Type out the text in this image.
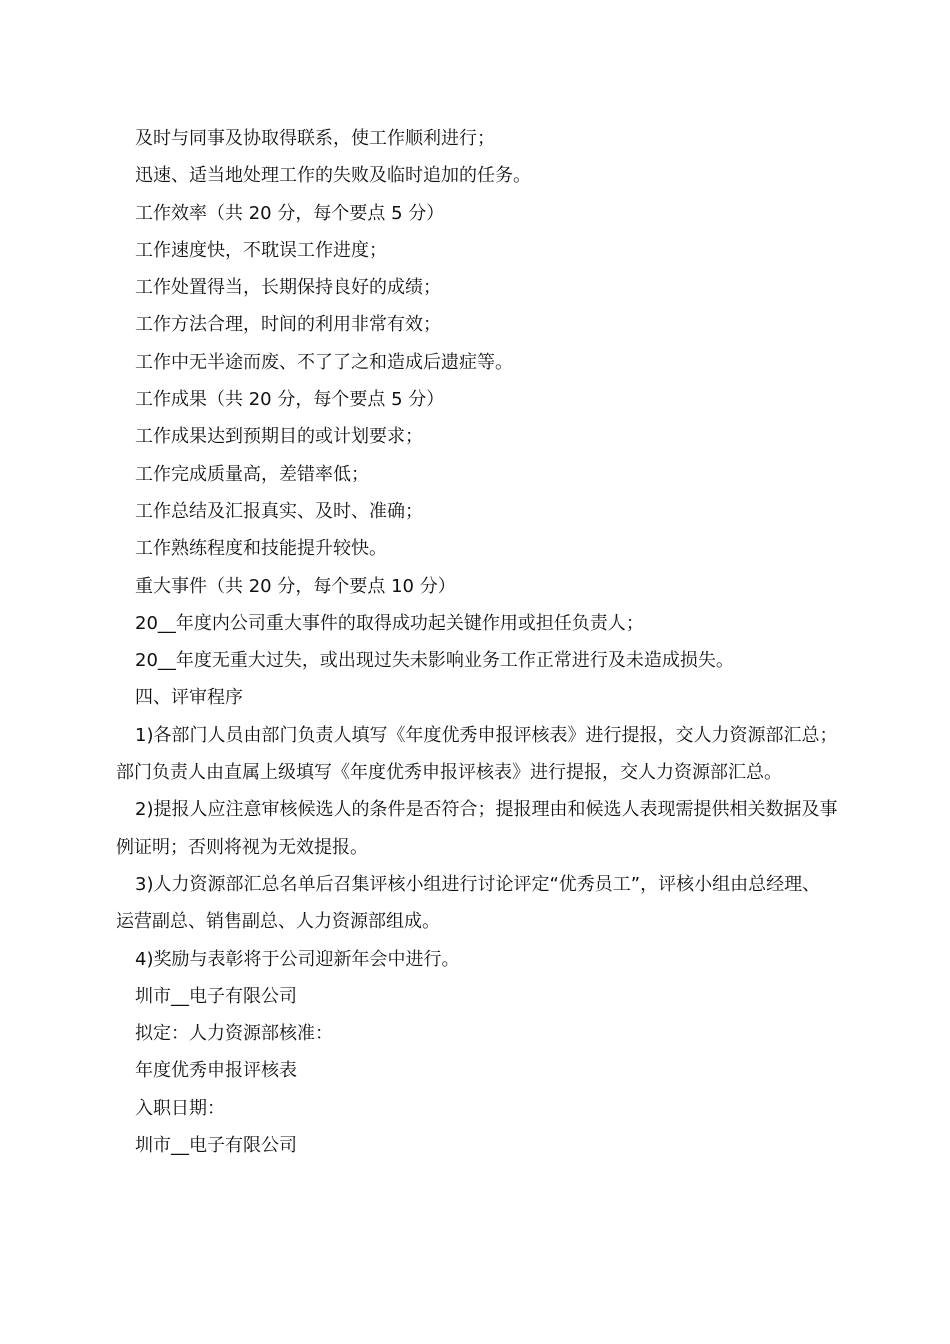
及时与同事及协取得联系，使工作顺利进行；

迅速、适当地处理工作的失败及临时追加的任务。

工作效率（共 20 分，每个要点 5 分）

工作速度快，不耽误工作进度；

工作处置得当，长期保持良好的成绩；

工作方法合理，时间的利用非常有效；

工作中无半途而废、不了了之和造成后遗症等。

工作成果（共 20 分，每个要点 5 分）

工作成果达到预期目的或计划要求；

工作完成质量高，差错率低；

工作总结及汇报真实、及时、准确；

工作熟练程度和技能提升较快。

重大事件（共 20 分，每个要点 10 分）

20__年度内公司重大事件的取得成功起关键作用或担任负责人；

20__年度无重大过失，或出现过失未影响业务工作正常进行及未造成损失。

四、评审程序

1)各部门人员由部门负责人填写《年度优秀申报评核表》进行提报，交人力资源部汇总；部门负责人由直属上级填写《年度优秀申报评核表》进行提报，交人力资源部汇总。

2)提报人应注意审核候选人的条件是否符合；提报理由和候选人表现需提供相关数据及事例证明；否则将视为无效提报。

3)人力资源部汇总名单后召集评核小组进行讨论评定“优秀员工”，评核小组由总经理、运营副总、销售副总、人力资源部组成。

4)奖励与表彰将于公司迎新年会中进行。

圳市__电子有限公司

拟定：人力资源部核准：

年度优秀申报评核表

入职日期：

圳市__电子有限公司
